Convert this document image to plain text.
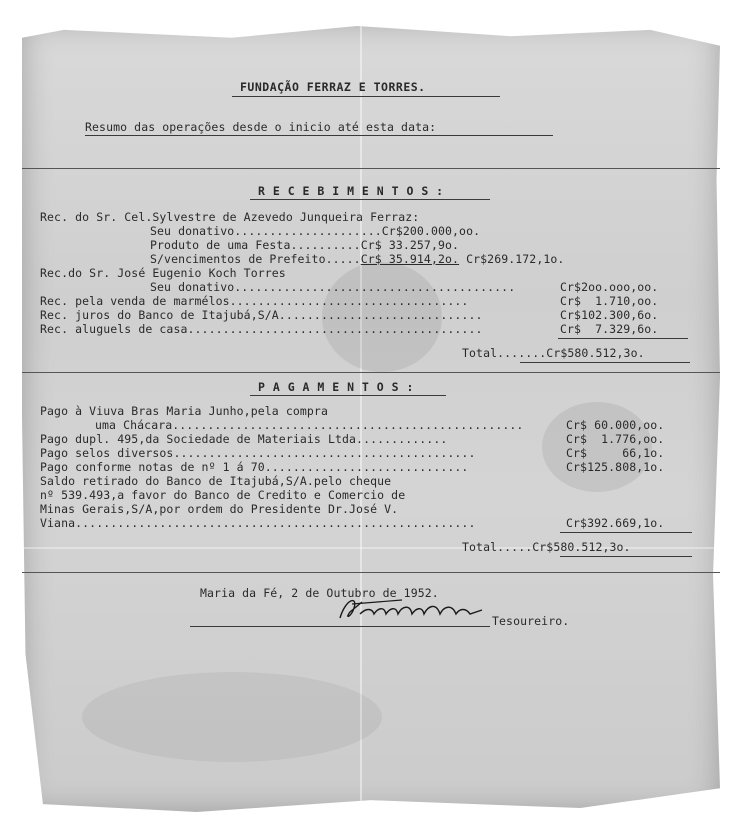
FUNDAÇÃO FERRAZ E TORRES.
Resumo das operações desde o inicio até esta data:
R E C E B I M E N T O S :
Rec. do Sr. Cel.Sylvestre de Azevedo Junqueira Ferraz:
Seu donativo.....................Cr$200.000,oo.
Produto de uma Festa..........Cr$ 33.257,9o.
S/vencimentos de Prefeito.....Cr$ 35.914,2o. Cr$269.172,1o.
Rec.do Sr. José Eugenio Koch Torres
Seu donativo........................................	Cr$2oo.ooo,oo.
Rec. pela venda de marmélos..................................	Cr$  1.710,oo.
Rec. juros do Banco de Itajubá,S/A.............................	Cr$102.300,6o.
Rec. aluguels de casa..........................................	Cr$  7.329,6o.
Total.......Cr$580.512,3o.
P A G A M E N T O S :
Pago à Viuva Bras Maria Junho,pela compra
uma Chácara..................................................	Cr$ 60.000,oo.
Pago dupl. 495,da Sociedade de Materiais Ltda.............	Cr$  1.776,oo.
Pago selos diversos...........................................	Cr$     66,1o.
Pago conforme notas de nº 1 á 70.............................	Cr$125.808,1o.
Saldo retirado do Banco de Itajubá,S/A.pelo cheque
nº 539.493,a favor do Banco de Credito e Comercio de
Minas Gerais,S/A,por ordem do Presidente Dr.José V.
Viana.........................................................	Cr$392.669,1o.
Total.....Cr$580.512,3o.
Maria da Fé, 2 de Outubro de 1952.
Tesoureiro.
